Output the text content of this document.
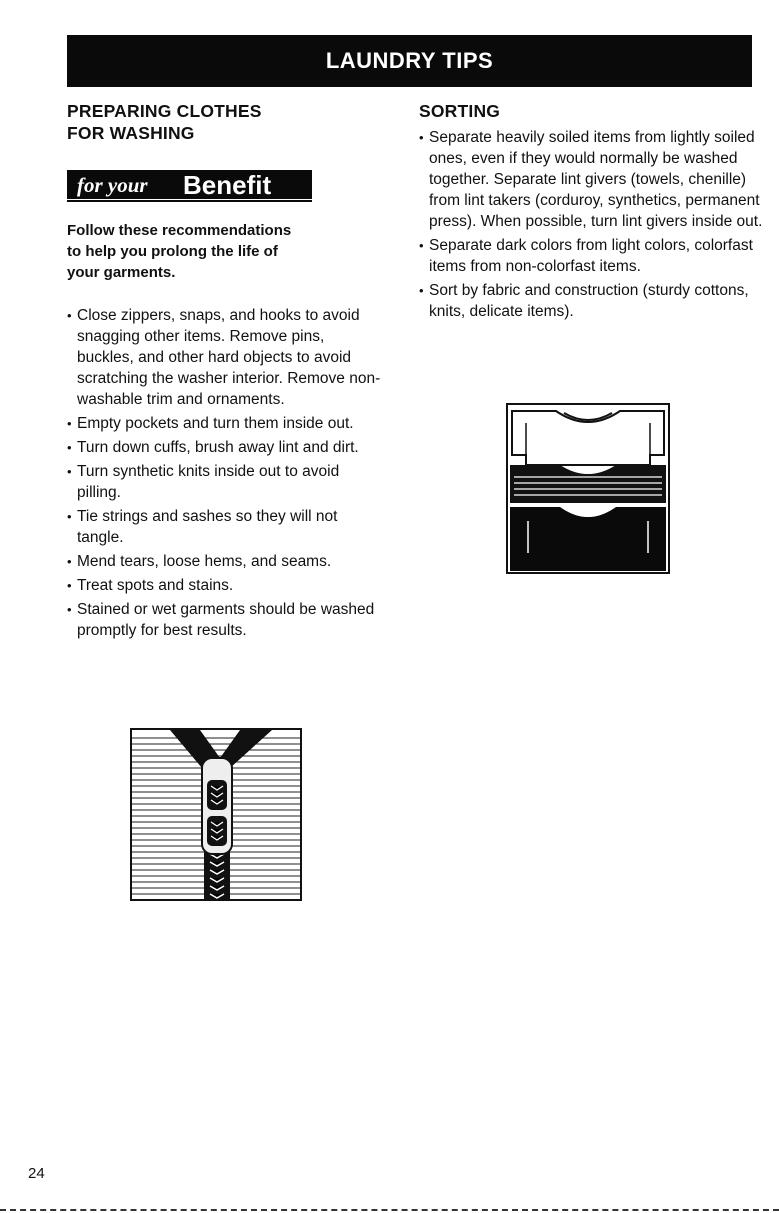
LAUNDRY TIPS
PREPARING CLOTHES
FOR WASHING
for your Benefit
Follow these recommendations
to help you prolong the life of
your garments.
• Close zippers, snaps, and hooks to avoid snagging other items. Remove pins, buckles, and other hard objects to avoid scratching the washer interior. Remove non-washable trim and ornaments.
• Empty pockets and turn them inside out.
• Turn down cuffs, brush away lint and dirt.
• Turn synthetic knits inside out to avoid pilling.
• Tie strings and sashes so they will not tangle.
• Mend tears, loose hems, and seams.
• Treat spots and stains.
• Stained or wet garments should be washed promptly for best results.
SORTING
• Separate heavily soiled items from lightly soiled ones, even if they would normally be washed together. Separate lint givers (towels, chenille) from lint takers (corduroy, synthetics, permanent press). When possible, turn lint givers inside out.
• Separate dark colors from light colors, colorfast items from non-colorfast items.
• Sort by fabric and construction (sturdy cottons, knits, delicate items).
24
